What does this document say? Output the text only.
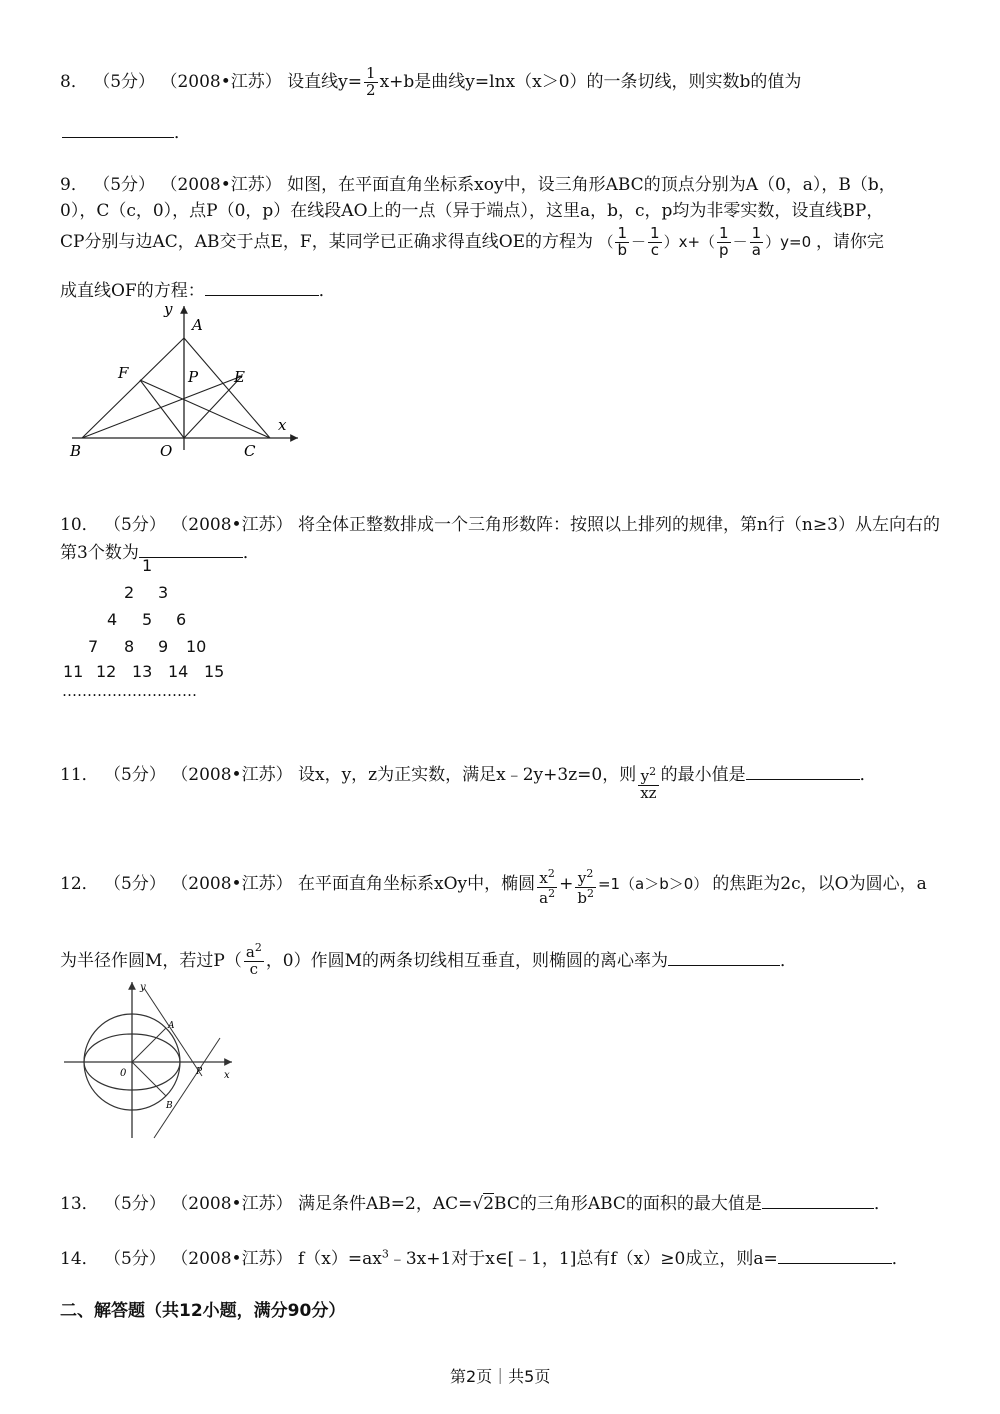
8． （5分） （2008•江苏） 设直线$y= \frac{1}{2} x+b$是曲线y=lnx（x＞0）的一条切线，则实数b的值为
．
9． （5分） （2008•江苏） 如图，在平面直角坐标系xoy中，设三角形ABC的顶点分别为A（0，a），B（b，
0），C（c，0），点P（0，p）在线段AO上的一点（异于端点），这里a，b，c，p均为非零实数，设直线BP，
CP分别与边AC，AB交于点E，F，某同学已正确求得直线OE的方程为 （ $\frac{1}{b} - \frac{1}{c} )x+( \frac{1}{p} - \frac{1}{a} )y=0$ ，请你完
成直线OF的方程：	．
y
A
F	P E
x
B	O	C
10． （5分） （2008•江苏） 将全体正整数排成一个三角形数阵：按照以上排列的规律，第n行（n≥3）从左向右的
第3个数为	．
1
2 3
4 5 6
7 8 9 10
11 12 13 14 15
………………………
11． （5分） （2008•江苏） 设x，y，z为正实数，满足x﹣2y+3z=0，则 $\frac{y^2}{xz}$ 的最小值是	．
12． （5分） （2008•江苏） 在平面直角坐标系xOy中，椭圆 $\frac{x^2}{a^2} + \frac{y^2}{b^2} =1(a>b>0)$ 的焦距为2c，以O为圆心，a
为半径作圆M，若过$P( \frac{a^2}{c}$ ，0）作圆M的两条切线相互垂直，则椭圆的离心率为	．
y
A
0	P x
B
13． （5分） （2008•江苏） 满足条件AB=2，AC=√2BC的三角形ABC的面积的最大值是	．
14． （5分） （2008•江苏） $f(x)=ax^3﹣3x+1$对于x∈[﹣1，1]总有f（x）≥0成立，则a=	．
二、解答题（共12小题，满分90分）
第2页｜共5页
